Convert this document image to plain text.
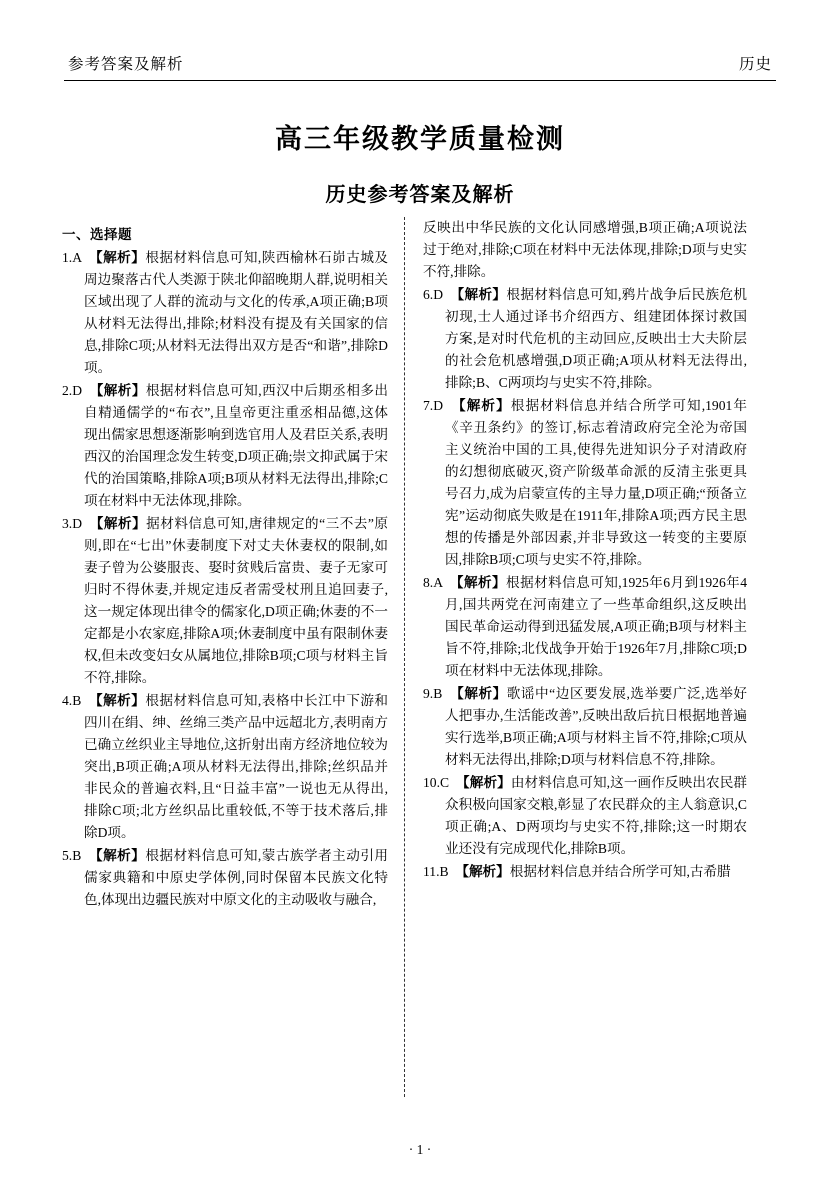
参考答案及解析	历史
高三年级教学质量检测
历史参考答案及解析
一、选择题
1.A　【解析】根据材料信息可知,陕西榆林石峁古城及周边聚落古代人类源于陕北仰韶晚期人群,说明相关区域出现了人群的流动与文化的传承,A项正确;B项从材料无法得出,排除;材料没有提及有关国家的信息,排除C项;从材料无法得出双方是否“和谐”,排除D项。
2.D　【解析】根据材料信息可知,西汉中后期丞相多出自精通儒学的“布衣”,且皇帝更注重丞相品德,这体现出儒家思想逐渐影响到选官用人及君臣关系,表明西汉的治国理念发生转变,D项正确;崇文抑武属于宋代的治国策略,排除A项;B项从材料无法得出,排除;C项在材料中无法体现,排除。
3.D　【解析】据材料信息可知,唐律规定的“三不去”原则,即在“七出”休妻制度下对丈夫休妻权的限制,如妻子曾为公婆服丧、娶时贫贱后富贵、妻子无家可归时不得休妻,并规定违反者需受杖刑且追回妻子,这一规定体现出律令的儒家化,D项正确;休妻的不一定都是小农家庭,排除A项;休妻制度中虽有限制休妻权,但未改变妇女从属地位,排除B项;C项与材料主旨不符,排除。
4.B　【解析】根据材料信息可知,表格中长江中下游和四川在绢、绅、丝绵三类产品中远超北方,表明南方已确立丝织业主导地位,这折射出南方经济地位较为突出,B项正确;A项从材料无法得出,排除;丝织品并非民众的普遍衣料,且“日益丰富”一说也无从得出,排除C项;北方丝织品比重较低,不等于技术落后,排除D项。
5.B　【解析】根据材料信息可知,蒙古族学者主动引用儒家典籍和中原史学体例,同时保留本民族文化特色,体现出边疆民族对中原文化的主动吸收与融合,
反映出中华民族的文化认同感增强,B项正确;A项说法过于绝对,排除;C项在材料中无法体现,排除;D项与史实不符,排除。
6.D　【解析】根据材料信息可知,鸦片战争后民族危机初现,士人通过译书介绍西方、组建团体探讨救国方案,是对时代危机的主动回应,反映出士大夫阶层的社会危机感增强,D项正确;A项从材料无法得出,排除;B、C两项均与史实不符,排除。
7.D　【解析】根据材料信息并结合所学可知,1901年《辛丑条约》的签订,标志着清政府完全沦为帝国主义统治中国的工具,使得先进知识分子对清政府的幻想彻底破灭,资产阶级革命派的反清主张更具号召力,成为启蒙宣传的主导力量,D项正确;“预备立宪”运动彻底失败是在1911年,排除A项;西方民主思想的传播是外部因素,并非导致这一转变的主要原因,排除B项;C项与史实不符,排除。
8.A　【解析】根据材料信息可知,1925年6月到1926年4月,国共两党在河南建立了一些革命组织,这反映出国民革命运动得到迅猛发展,A项正确;B项与材料主旨不符,排除;北伐战争开始于1926年7月,排除C项;D项在材料中无法体现,排除。
9.B　【解析】歌谣中“边区要发展,选举要广泛,选举好人把事办,生活能改善”,反映出敌后抗日根据地普遍实行选举,B项正确;A项与材料主旨不符,排除;C项从材料无法得出,排除;D项与材料信息不符,排除。
10.C　【解析】由材料信息可知,这一画作反映出农民群众积极向国家交粮,彰显了农民群众的主人翁意识,C项正确;A、D两项均与史实不符,排除;这一时期农业还没有完成现代化,排除B项。
11.B　【解析】根据材料信息并结合所学可知,古希腊
· 1 ·
